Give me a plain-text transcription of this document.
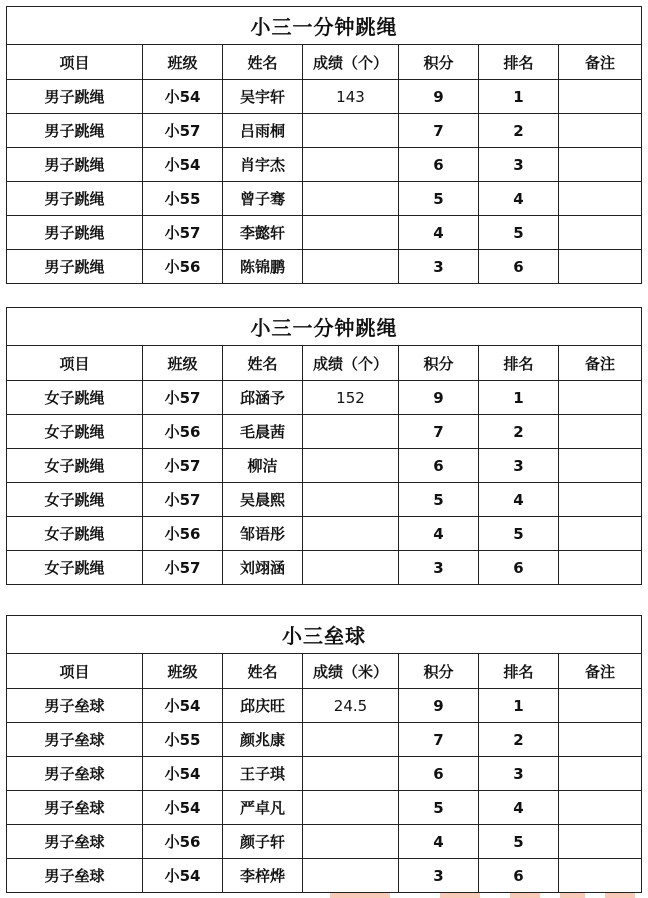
小三一分钟跳绳						
项目	班级	姓名	成绩（个）	积分	排名	备注
男子跳绳	小54	吴宇轩	143	9	1	
男子跳绳	小57	吕雨桐		7	2	
男子跳绳	小54	肖宇杰		6	3	
男子跳绳	小55	曾子骞		5	4	
男子跳绳	小57	李懿轩		4	5	
男子跳绳	小56	陈锦鹏		3	6	
小三一分钟跳绳						
项目	班级	姓名	成绩（个）	积分	排名	备注
女子跳绳	小57	邱涵予	152	9	1	
女子跳绳	小56	毛晨茜		7	2	
女子跳绳	小57	柳洁		6	3	
女子跳绳	小57	吴晨熙		5	4	
女子跳绳	小56	邹语彤		4	5	
女子跳绳	小57	刘翊涵		3	6	
小三垒球						
项目	班级	姓名	成绩（米）	积分	排名	备注
男子垒球	小54	邱庆旺	24.5	9	1	
男子垒球	小55	颜兆康		7	2	
男子垒球	小54	王子琪		6	3	
男子垒球	小54	严卓凡		5	4	
男子垒球	小56	颜子轩		4	5	
男子垒球	小54	李梓烨		3	6	
